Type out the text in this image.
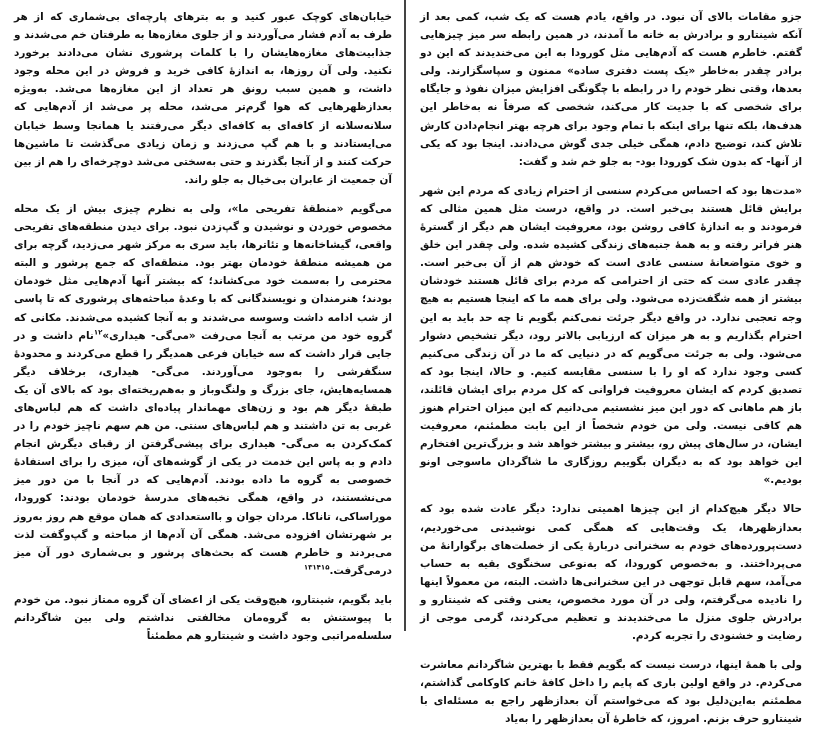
خیابان‌های کوچک عبور کنید و به بترهای پارچه‌ای بی‌شماری که از هر طرف به آدم فشار می‌آوردند و از جلوی مغازه‌ها به طرفتان خم می‌شدند و جذابیت‌های مغازه‌هایشان را با کلمات پرشوری نشان می‌دادند برخورد نکنید. ولی آن روزها، به اندازهٔ کافی خرید و فروش در این محله وجود داشت، و همین سبب رونق هر تعداد از این مغازه‌ها می‌شد. به‌ویژه بعدازظهرهایی که هوا گرم‌تر می‌شد، محله پر می‌شد از آدم‌هایی که سلانه‌سلانه از کافه‌ای به کافه‌ای دیگر می‌رفتند یا همانجا وسط خیابان می‌ایستادند و با هم گپ می‌زدند و زمان زیادی می‌گذشت تا ماشین‌ها حرکت کنند و از آنجا بگذرند و حتی به‌سختی می‌شد دوچرخه‌ای را هم از بین آن جمعیت از عابران بی‌خیال به جلو راند.

می‌گویم «منطقهٔ تفریحی ما»، ولی به نظرم چیزی بیش از یک محله مخصوص خوردن و نوشیدن و گپ‌زدن نبود. برای دیدن منطقه‌های تفریحی واقعی، گیشاخانه‌ها و تئاترها، باید سری به مرکز شهر می‌زدید، گرچه برای من همیشه منطقهٔ خودمان بهتر بود. منطقه‌ای که جمع پرشور و البته محترمی را به‌سمت خود می‌کشاند؛ که بیشتر آنها آدم‌هایی مثل خودمان بودند؛ هنرمندان و نویسندگانی که با وعدهٔ مباحثه‌های پرشوری که تا پاسی از شب ادامه داشت وسوسه می‌شدند و به آنجا کشیده می‌شدند. مکانی که گروه خود من مرتب به آنجا می‌رفت «می‌گی- هیداری»$^{۱۲}$نام داشت و در جایی قرار داشت که سه خیابان فرعی همدیگر را قطع می‌کردند و محدودهٔ سنگفرشی را به‌وجود می‌آوردند. می‌گی- هیداری، برخلاف دیگر همسایه‌هایش، جای بزرگ و ولنگ‌وباز و به‌هم‌ریخته‌ای بود که بالای آن یک طبقهٔ دیگر هم بود و زن‌های مهماندار پیاده‌ای داشت که هم لباس‌های غربی به تن داشتند و هم لباس‌های سنتی. من هم سهم ناچیز خودم را در کمک‌کردن به می‌گی- هیداری برای پیشی‌گرفتن از رقبای دیگرش انجام دادم و به پاس این خدمت در یکی از گوشه‌های آن، میزی را برای استفادهٔ خصوصی به گروه ما داده بودند. آدم‌هایی که در آنجا با من دور میز می‌نشستند، در واقع، همگی نخبه‌های مدرسهٔ خودمان بودند: کورودا، موراساکی، تاناکا. مردان جوان و بااستعدادی که همان موقع هم روز به‌روز بر شهرتشان افزوده می‌شد. همگی آن آدم‌ها از مباحثه و گپ‌وگفت لذت می‌بردند و خاطرم هست که بحث‌های پرشور و بی‌شماری دور آن میز درمی‌گرفت.$^{۱۳۱۴۱۵}$

باید بگویم، شینتارو، هیچ‌وقت یکی از اعضای آن گروه ممتاز نبود. من خودم با پیوستنش به گروه‌مان مخالفتی نداشتم ولی بین شاگردانم سلسله‌مراتبی وجود داشت و شینتارو هم مطمئناً

جزو مقامات بالای آن نبود. در واقع، یادم هست که یک شب، کمی بعد از آنکه شینتارو و برادرش به خانه ما آمدند، در همین رابطه سر میز چیزهایی گفتم. خاطرم هست که آدم‌هایی مثل کورودا به این می‌خندیدند که این دو برادر چقدر به‌خاطر «یک پست دفتری ساده» ممنون و سپاسگزارند. ولی بعدها، وقتی نظر خودم را در رابطه با چگونگی افزایش میزان نفوذ و جایگاه برای شخصی که با جدیت کار می‌کند، شخصی که صرفاً نه به‌خاطر این هدف‌ها، بلکه تنها برای اینکه با تمام وجود برای هرچه بهتر انجام‌دادن کارش تلاش کند، توضیح دادم، همگی خیلی جدی گوش می‌دادند. اینجا بود که یکی از آنها- که بدون شک کورودا بود- به جلو خم شد و گفت:

«مدت‌ها بود که احساس می‌کردم سنسی از احترام زیادی که مردم این شهر برایش قائل هستند بی‌خبر است. در واقع، درست مثل همین مثالی که فرمودند و به اندازهٔ کافی روشن بود، معروفیت ایشان هم دیگر از گسترهٔ هنر فراتر رفته و به همهٔ جنبه‌های زندگی کشیده شده. ولی چقدر این خلق و خوی متواضعانهٔ سنسی عادی است که خودش هم از آن بی‌خبر است. چقدر عادی ست که حتی از احترامی که مردم برای قائل هستند خودشان بیشتر از همه شگفت‌زده می‌شود. ولی برای همه ما که اینجا هستیم به هیچ وجه تعجبی ندارد. در واقع دیگر جرئت نمی‌کنم بگویم تا چه حد باید به این احترام بگذاریم و به هر میزان که ارزیابی بالاتر رود، دیگر تشخیص دشوار می‌شود. ولی به جرئت می‌گویم که در دنیایی که ما در آن زندگی می‌کنیم کسی وجود ندارد که او را با سنسی مقایسه کنیم. و حالا، اینجا بود که تصدیق کردم که ایشان معروفیت فراوانی که کل مردم برای ایشان قائلند، باز هم ماهانی که دور این میز نشستیم می‌دانیم که این میزان احترام هنوز هم کافی نیست. ولی من خودم شخصاً از این بابت مطمئنم، معروفیت ایشان، در سال‌های پیش رو، بیشتر و بیشتر خواهد شد و بزرگ‌ترین افتخارم این خواهد بود که به دیگران بگوییم روزگاری ما شاگردان ماسوجی اونو بودیم.»

حالا دیگر هیچ‌کدام از این چیزها اهمیتی ندارد: دیگر عادت شده بود که بعدازظهرها، یک وقت‌هایی که همگی کمی نوشیدنی می‌خوردیم، دست‌پرورده‌های خودم به سخنرانی دربارهٔ یکی از خصلت‌های برگوارانهٔ من می‌پرداختند. و به‌خصوص کورودا، که به‌نوعی سخنگوی بقیه به حساب می‌آمد، سهم قابل توجهی در این سخنرانی‌ها داشت. البته، من معمولاً اینها را نادیده می‌گرفتم، ولی در آن مورد مخصوص، یعنی وقتی که شینتارو و برادرش جلوی منزل ما می‌خندیدند و تعظیم می‌کردند، گرمی موجی از رضایت و خشنودی را تجربه کردم.

ولی با همهٔ اینها، درست نیست که بگویم فقط با بهترین شاگردانم معاشرت می‌کردم. در واقع اولین باری که پایم را داخل کافهٔ خانم کاوکامی گذاشتم، مطمئنم به‌این‌دلیل بود که می‌خواستم آن بعدازظهر راجع به مسئله‌ای با شینتارو حرف بزنم. امروز، که خاطرهٔ آن بعدازظهر را به‌یاد
